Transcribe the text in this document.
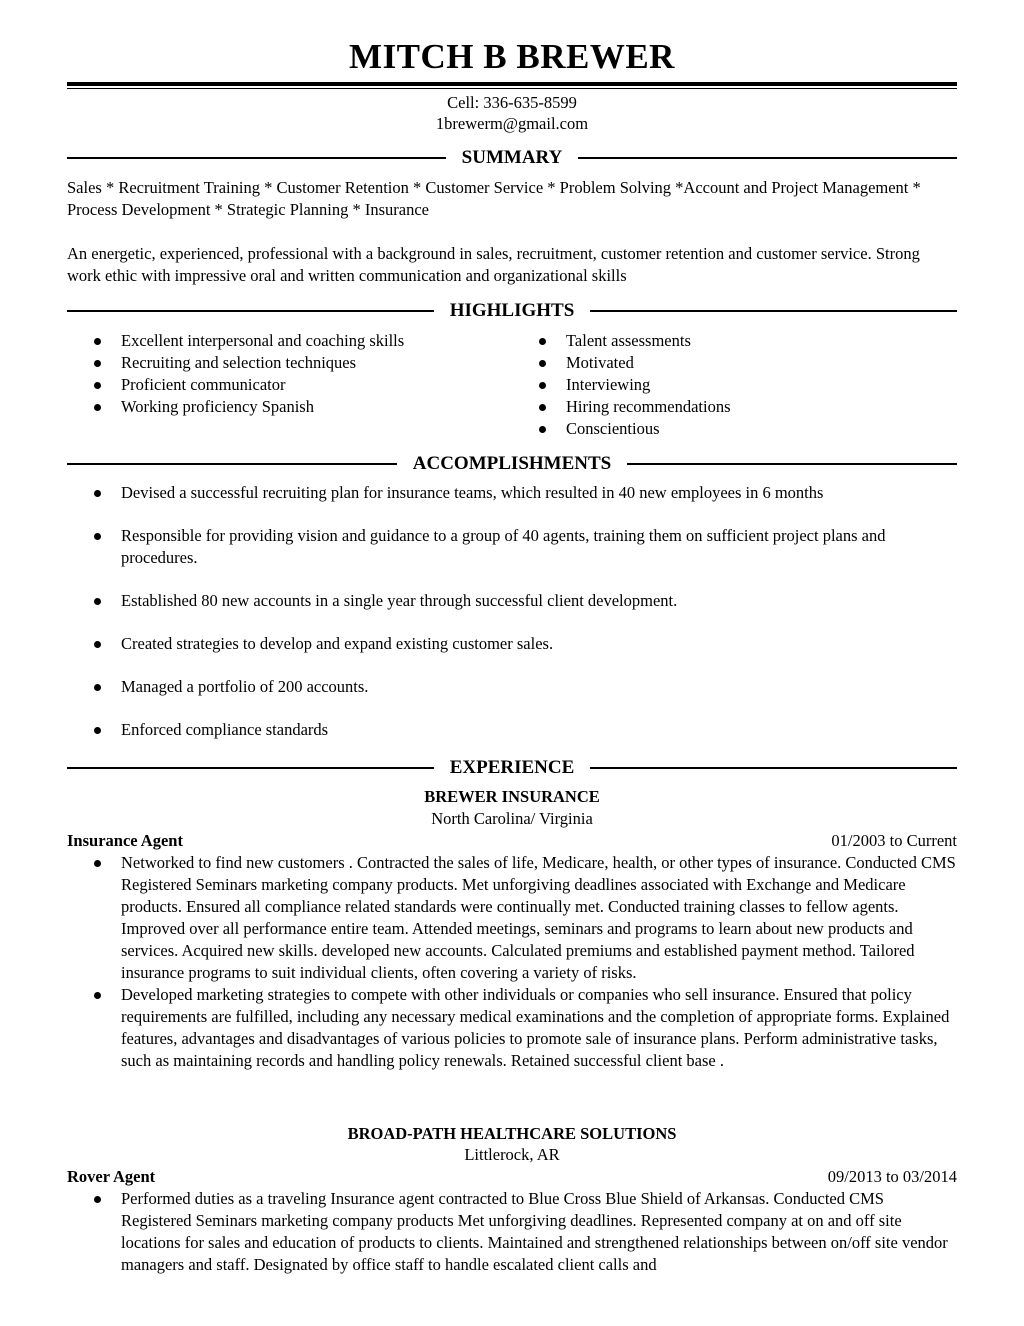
MITCH B BREWER
Cell: 336-635-8599
1brewerm@gmail.com
SUMMARY
Sales * Recruitment Training * Customer Retention * Customer Service * Problem Solving *Account and Project Management * Process Development * Strategic Planning * Insurance
An energetic, experienced, professional with a background in sales, recruitment, customer retention and customer service. Strong work ethic with impressive oral and written communication and organizational skills
HIGHLIGHTS
Excellent interpersonal and coaching skills
Recruiting and selection techniques
Proficient communicator
Working proficiency Spanish
Talent assessments
Motivated
Interviewing
Hiring recommendations
Conscientious
ACCOMPLISHMENTS
Devised a successful recruiting plan for insurance teams, which resulted in 40 new employees in 6 months
Responsible for providing vision and guidance to a group of 40 agents, training them on sufficient project plans and procedures.
Established 80 new accounts in a single year through successful client development.
Created strategies to develop and expand existing customer sales.
Managed a portfolio of 200 accounts.
Enforced compliance standards
EXPERIENCE
BREWER INSURANCE
North Carolina/ Virginia
Insurance Agent	01/2003 to Current
Networked to find new customers . Contracted the sales of life, Medicare, health, or other types of insurance. Conducted CMS Registered Seminars marketing company products. Met unforgiving deadlines associated with Exchange and Medicare products. Ensured all compliance related standards were continually met. Conducted training classes to fellow agents. Improved over all performance entire team. Attended meetings, seminars and programs to learn about new products and services. Acquired new skills. developed new accounts. Calculated premiums and established payment method. Tailored insurance programs to suit individual clients, often covering a variety of risks.
Developed marketing strategies to compete with other individuals or companies who sell insurance. Ensured that policy requirements are fulfilled, including any necessary medical examinations and the completion of appropriate forms. Explained features, advantages and disadvantages of various policies to promote sale of insurance plans. Perform administrative tasks, such as maintaining records and handling policy renewals. Retained successful client base .
BROAD-PATH HEALTHCARE SOLUTIONS
Littlerock, AR
Rover Agent	09/2013 to 03/2014
Performed duties as a traveling Insurance agent contracted to Blue Cross Blue Shield of Arkansas. Conducted CMS Registered Seminars marketing company products Met unforgiving deadlines. Represented company at on and off site locations for sales and education of products to clients. Maintained and strengthened relationships between on/off site vendor managers and staff. Designated by office staff to handle escalated client calls and
